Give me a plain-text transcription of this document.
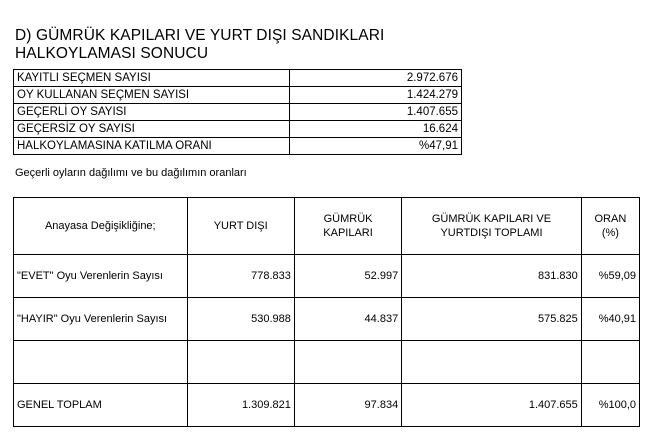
D) GÜMRÜK KAPILARI VE YURT DIŞI SANDIKLARI HALKOYLAMASI SONUCU
KAYITLI SEÇMEN SAYISI	2.972.676
OY KULLANAN SEÇMEN SAYISI	1.424.279
GEÇERLİ OY SAYISI	1.407.655
GEÇERSİZ OY SAYISI	16.624
HALKOYLAMASINA KATILMA ORANI	%47,91
Geçerli oyların dağılımı ve bu dağılımın oranları
Anayasa Değişikliğine;	YURT DIŞI	GÜMRÜK KAPILARI	GÜMRÜK KAPILARI VE YURTDIŞI TOPLAMI	ORAN (%)
"EVET" Oyu Verenlerin Sayısı	778.833	52.997	831.830	%59,09
"HAYIR" Oyu Verenlerin Sayısı	530.988	44.837	575.825	%40,91

GENEL TOPLAM	1.309.821	97.834	1.407.655	%100,0
